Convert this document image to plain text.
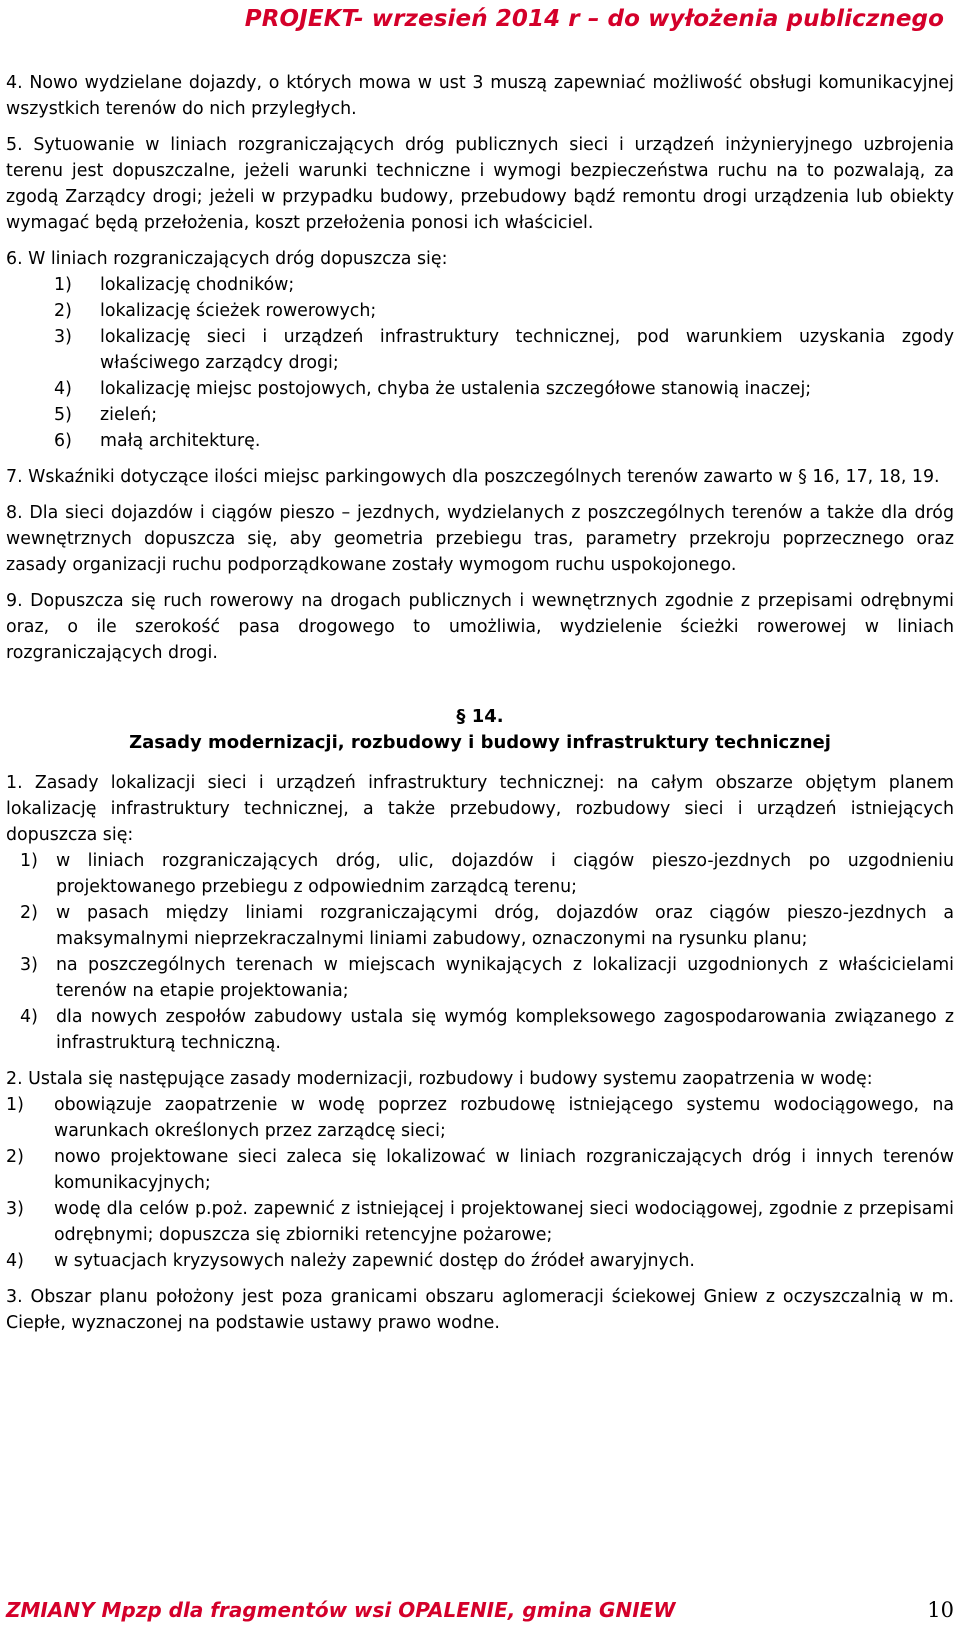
PROJEKT- wrzesień 2014 r – do wyłożenia publicznego

4. Nowo wydzielane dojazdy, o których mowa w ust 3 muszą zapewniać możliwość obsługi komunikacyjnej wszystkich terenów do nich przyległych.

5. Sytuowanie w liniach rozgraniczających dróg publicznych sieci i urządzeń inżynieryjnego uzbrojenia terenu jest dopuszczalne, jeżeli warunki techniczne i wymogi bezpieczeństwa ruchu na to pozwalają, za zgodą Zarządcy drogi; jeżeli w przypadku budowy, przebudowy bądź remontu drogi urządzenia lub obiekty wymagać będą przełożenia, koszt przełożenia ponosi ich właściciel.

6. W liniach rozgraniczających dróg dopuszcza się:
1)	lokalizację chodników;
2)	lokalizację ścieżek rowerowych;
3)	lokalizację sieci i urządzeń infrastruktury technicznej, pod warunkiem uzyskania zgody właściwego zarządcy drogi;
4)	lokalizację miejsc postojowych, chyba że ustalenia szczegółowe stanowią inaczej;
5)	zieleń;
6)	małą architekturę.

7. Wskaźniki dotyczące ilości miejsc parkingowych dla poszczególnych terenów zawarto w § 16, 17, 18, 19.

8. Dla sieci dojazdów i ciągów pieszo – jezdnych, wydzielanych z poszczególnych terenów a także dla dróg wewnętrznych dopuszcza się, aby geometria przebiegu tras, parametry przekroju poprzecznego oraz zasady organizacji ruchu podporządkowane zostały wymogom ruchu uspokojonego.

9. Dopuszcza się ruch rowerowy na drogach publicznych i wewnętrznych zgodnie z przepisami odrębnymi oraz, o ile szerokość pasa drogowego to umożliwia, wydzielenie ścieżki rowerowej w liniach rozgraniczających drogi.

§ 14.

Zasady modernizacji, rozbudowy i budowy infrastruktury technicznej

1. Zasady lokalizacji sieci i urządzeń infrastruktury technicznej: na całym obszarze objętym planem lokalizację infrastruktury technicznej, a także przebudowy, rozbudowy sieci i urządzeń istniejących dopuszcza się:
1)	w liniach rozgraniczających dróg, ulic, dojazdów i ciągów pieszo-jezdnych po uzgodnieniu projektowanego przebiegu z odpowiednim zarządcą terenu;
2)	w pasach między liniami rozgraniczającymi dróg, dojazdów oraz ciągów pieszo-jezdnych a maksymalnymi nieprzekraczalnymi liniami zabudowy, oznaczonymi na rysunku planu;
3)	na poszczególnych terenach w miejscach wynikających z lokalizacji uzgodnionych z właścicielami terenów na etapie projektowania;
4)	dla nowych zespołów zabudowy ustala się wymóg kompleksowego zagospodarowania związanego z infrastrukturą techniczną.
2. Ustala się następujące zasady modernizacji, rozbudowy i budowy systemu zaopatrzenia w wodę:
1)	obowiązuje zaopatrzenie w wodę poprzez rozbudowę istniejącego systemu wodociągowego, na warunkach określonych przez zarządcę sieci;
2)	nowo projektowane sieci zaleca się lokalizować w liniach rozgraniczających dróg i innych terenów komunikacyjnych;
3)	wodę dla celów p.poż. zapewnić z istniejącej i projektowanej sieci wodociągowej, zgodnie z przepisami odrębnymi; dopuszcza się zbiorniki retencyjne pożarowe;
4)	w sytuacjach kryzysowych należy zapewnić dostęp do źródeł awaryjnych.

3. Obszar planu położony jest poza granicami obszaru aglomeracji ściekowej Gniew z oczyszczalnią w m. Ciepłe, wyznaczonej na podstawie ustawy prawo wodne.

ZMIANY Mpzp dla fragmentów wsi OPALENIE, gmina GNIEW	10
